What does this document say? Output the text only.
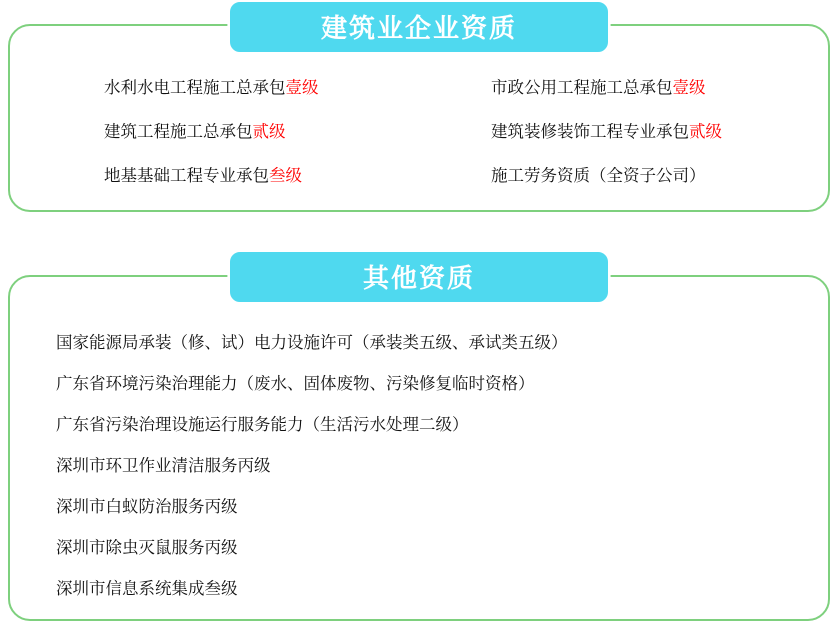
建筑业企业资质
水利水电工程施工总承包壹级	市政公用工程施工总承包壹级
建筑工程施工总承包贰级	建筑装修装饰工程专业承包贰级
地基基础工程专业承包叁级	施工劳务资质（全资子公司）
其他资质
国家能源局承装（修、试）电力设施许可（承装类五级、承试类五级）
广东省环境污染治理能力（废水、固体废物、污染修复临时资格）
广东省污染治理设施运行服务能力（生活污水处理二级）
深圳市环卫作业清洁服务丙级
深圳市白蚁防治服务丙级
深圳市除虫灭鼠服务丙级
深圳市信息系统集成叁级
